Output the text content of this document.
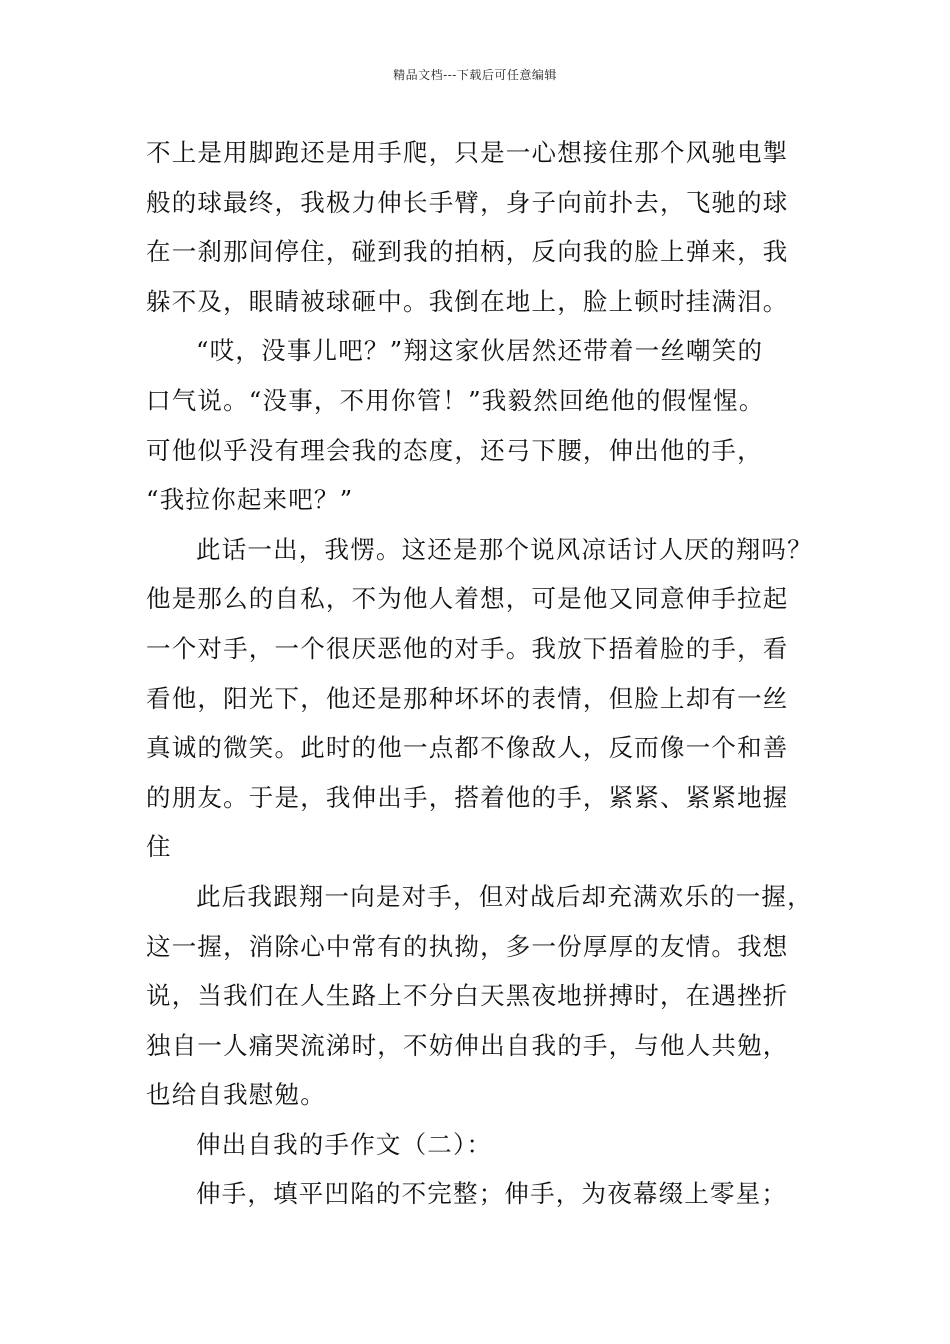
精品文档---下载后可任意编辑
不上是用脚跑还是用手爬，只是一心想接住那个风驰电掣
般的球最终，我极力伸长手臂，身子向前扑去，飞驰的球
在一刹那间停住，碰到我的拍柄，反向我的脸上弹来，我
躲不及，眼睛被球砸中。我倒在地上，脸上顿时挂满泪。
“哎，没事儿吧？”翔这家伙居然还带着一丝嘲笑的
口气说。“没事，不用你管！”我毅然回绝他的假惺惺。
可他似乎没有理会我的态度，还弓下腰，伸出他的手，
“我拉你起来吧？”
此话一出，我愣。这还是那个说风凉话讨人厌的翔吗？
他是那么的自私，不为他人着想，可是他又同意伸手拉起
一个对手，一个很厌恶他的对手。我放下捂着脸的手，看
看他，阳光下，他还是那种坏坏的表情，但脸上却有一丝
真诚的微笑。此时的他一点都不像敌人，反而像一个和善
的朋友。于是，我伸出手，搭着他的手，紧紧、紧紧地握
住
此后我跟翔一向是对手，但对战后却充满欢乐的一握，
这一握，消除心中常有的执拗，多一份厚厚的友情。我想
说，当我们在人生路上不分白天黑夜地拼搏时，在遇挫折
独自一人痛哭流涕时，不妨伸出自我的手，与他人共勉，
也给自我慰勉。
伸出自我的手作文（二）：
伸手，填平凹陷的不完整；伸手，为夜幕缀上零星；
